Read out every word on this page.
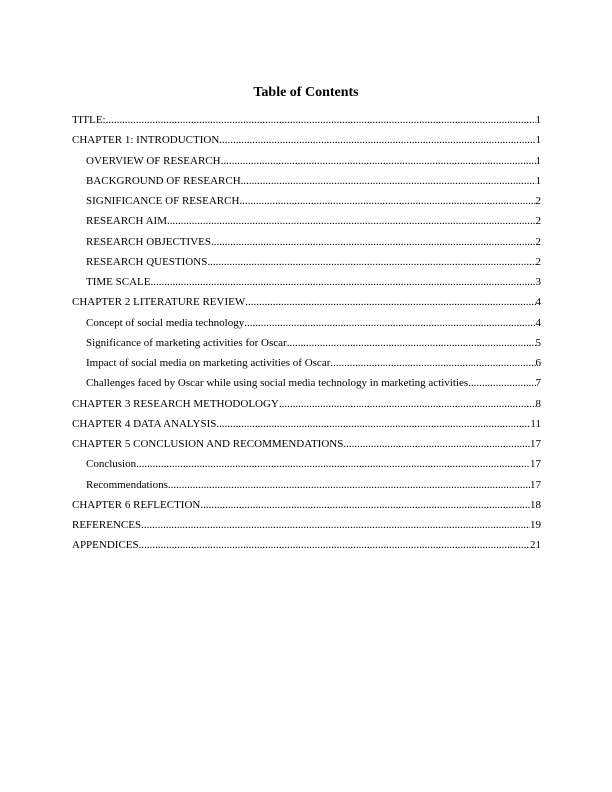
Table of Contents
TITLE: .....	1
CHAPTER 1: INTRODUCTION .....	1
OVERVIEW OF RESEARCH .....	1
BACKGROUND OF RESEARCH .....	1
SIGNIFICANCE OF RESEARCH .....	2
RESEARCH AIM .....	2
RESEARCH OBJECTIVES .....	2
RESEARCH QUESTIONS .....	2
TIME SCALE .....	3
CHAPTER 2 LITERATURE REVIEW .....	4
Concept of social media technology .....	4
Significance of marketing activities for Oscar .....	5
Impact of social media on marketing activities of Oscar .....	6
Challenges faced by Oscar while using social media technology in marketing activities .....	7
CHAPTER 3 RESEARCH METHODOLOGY .....	8
CHAPTER 4 DATA ANALYSIS .....	11
CHAPTER 5 CONCLUSION AND RECOMMENDATIONS .....	17
Conclusion .....	17
Recommendations .....	17
CHAPTER 6 REFLECTION .....	18
REFERENCES .....	19
APPENDICES .....	21
